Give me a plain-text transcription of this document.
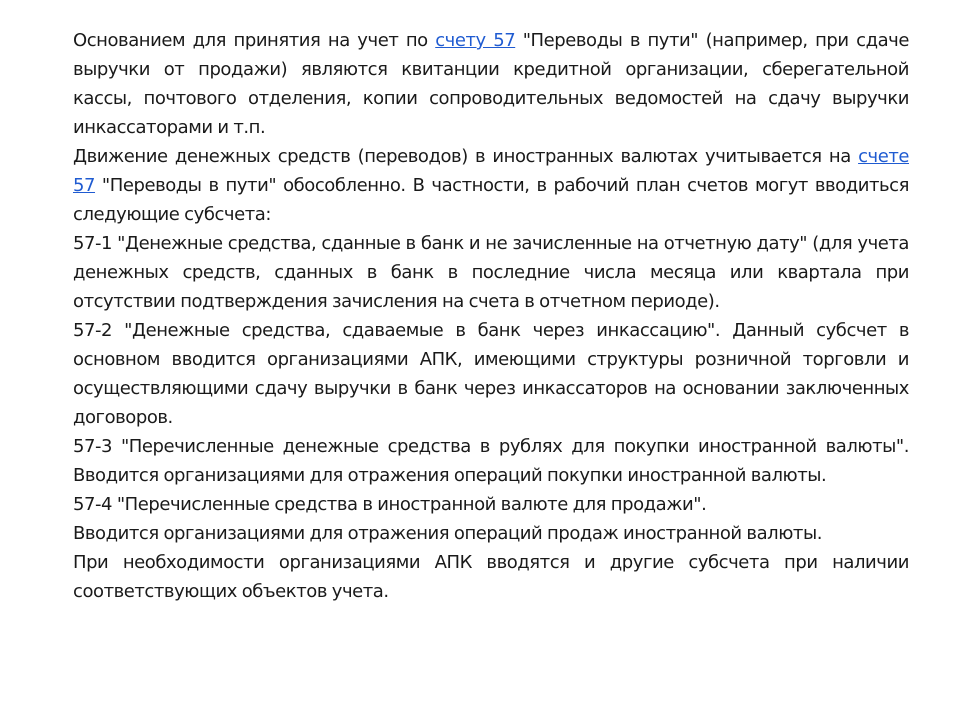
Основанием для принятия на учет по счету 57 "Переводы в пути" (например, при сдаче выручки от продажи) являются квитанции кредитной организации, сберегательной кассы, почтового отделения, копии сопроводительных ведомостей на сдачу выручки инкассаторами и т.п.

Движение денежных средств (переводов) в иностранных валютах учитывается на счете 57 "Переводы в пути" обособленно. В частности, в рабочий план счетов могут вводиться следующие субсчета:

57-1 "Денежные средства, сданные в банк и не зачисленные на отчетную дату" (для учета денежных средств, сданных в банк в последние числа месяца или квартала при отсутствии подтверждения зачисления на счета в отчетном периоде).

57-2 "Денежные средства, сдаваемые в банк через инкассацию". Данный субсчет в основном вводится организациями АПК, имеющими структуры розничной торговли и осуществляющими сдачу выручки в банк через инкассаторов на основании заключенных договоров.

57-3 "Перечисленные денежные средства в рублях для покупки иностранной валюты". Вводится организациями для отражения операций покупки иностранной валюты.

57-4 "Перечисленные средства в иностранной валюте для продажи".

Вводится организациями для отражения операций продаж иностранной валюты.

При необходимости организациями АПК вводятся и другие субсчета при наличии соответствующих объектов учета.
